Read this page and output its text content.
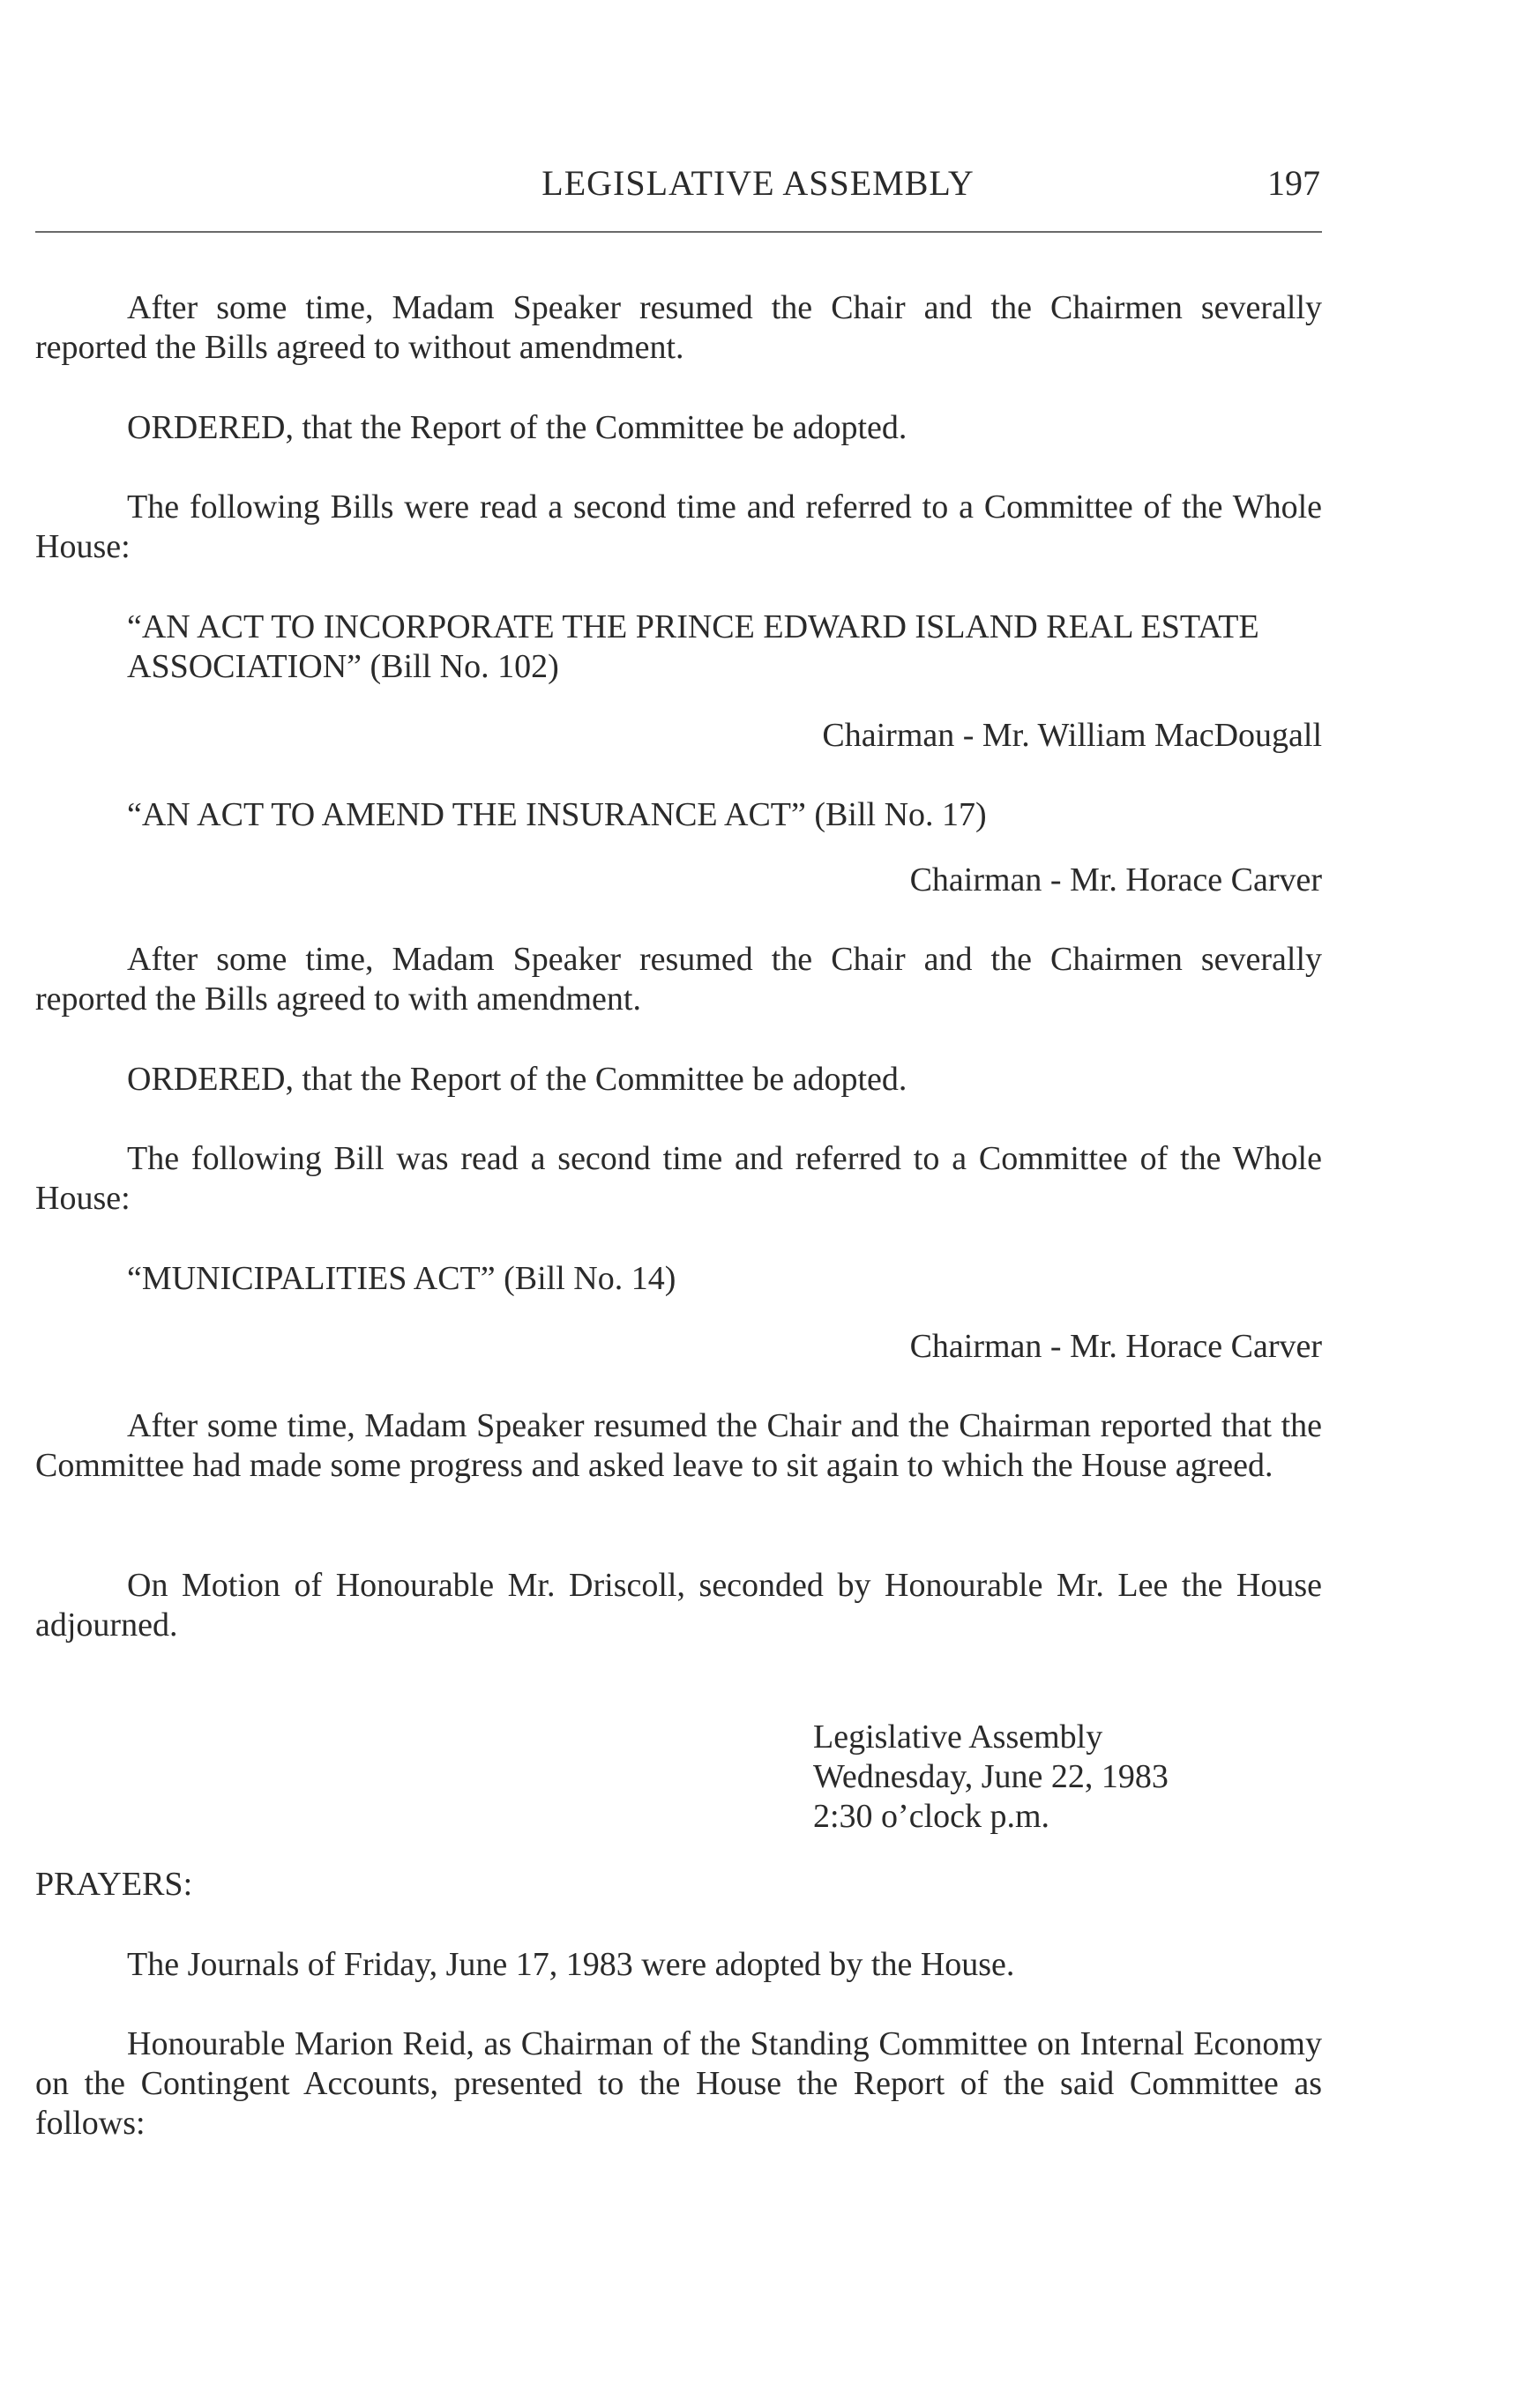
LEGISLATIVE ASSEMBLY	197

After some time, Madam Speaker resumed the Chair and the Chairmen severally reported the Bills agreed to without amendment.

ORDERED, that the Report of the Committee be adopted.

The following Bills were read a second time and referred to a Committee of the Whole House:

“AN ACT TO INCORPORATE THE PRINCE EDWARD ISLAND REAL ESTATE ASSOCIATION” (Bill No. 102)

Chairman - Mr. William MacDougall

“AN ACT TO AMEND THE INSURANCE ACT” (Bill No. 17)

Chairman - Mr. Horace Carver

After some time, Madam Speaker resumed the Chair and the Chairmen severally reported the Bills agreed to with amendment.

ORDERED, that the Report of the Committee be adopted.

The following Bill was read a second time and referred to a Committee of the Whole House:

“MUNICIPALITIES ACT” (Bill No. 14)

Chairman - Mr. Horace Carver

After some time, Madam Speaker resumed the Chair and the Chairman reported that the Committee had made some progress and asked leave to sit again to which the House agreed.

On Motion of Honourable Mr. Driscoll, seconded by Honourable Mr. Lee the House adjourned.

Legislative Assembly
Wednesday, June 22, 1983
2:30 o’clock p.m.

PRAYERS:

The Journals of Friday, June 17, 1983 were adopted by the House.

Honourable Marion Reid, as Chairman of the Standing Committee on Internal Economy on the Contingent Accounts, presented to the House the Report of the said Committee as follows:
